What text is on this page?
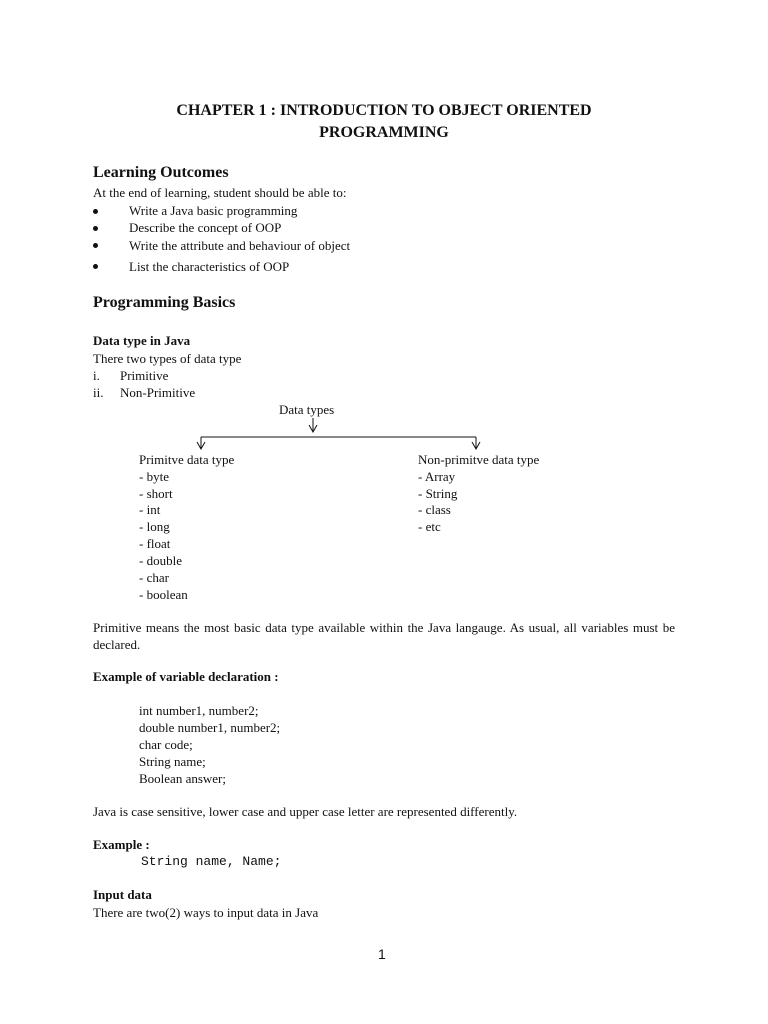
CHAPTER 1 : INTRODUCTION TO OBJECT ORIENTED
PROGRAMMING
Learning Outcomes
At the end of learning, student should be able to:
Write a Java basic programming
Describe the concept of OOP
Write the attribute and behaviour of object
List the characteristics of OOP
Programming Basics
Data type in Java
There two types of data type
i. Primitive
ii. Non-Primitive
Data types
Primitve data type
- byte
- short
- int
- long
- float
- double
- char
- boolean
Non-primitve data type
- Array
- String
- class
- etc
Primitive means the most basic data type available within the Java langauge. As usual, all variables must be declared.
Example of variable declaration :
int number1, number2;
double number1, number2;
char code;
String name;
Boolean answer;
Java is case sensitive, lower case and upper case letter are represented differently.
Example :
String name, Name;
Input data
There are two(2) ways to input data in Java
1
